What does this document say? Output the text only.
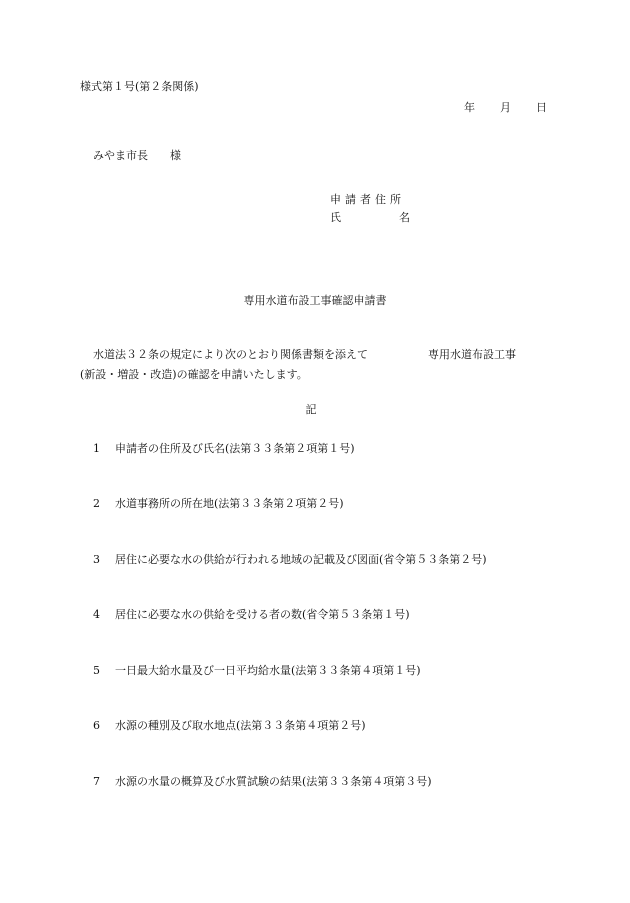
様式第１号(第２条関係)
年 月 日
みやま市長　　様
申請者住所
氏	名
専用水道布設工事確認申請書
水道法３２条の規定により次のとおり関係書類を添えて	専用水道布設工事
(新設・増設・改造)の確認を申請いたします。
記
1 申請者の住所及び氏名(法第３３条第２項第１号)
2 水道事務所の所在地(法第３３条第２項第２号)
3 居住に必要な水の供給が行われる地域の記載及び図面(省令第５３条第２号)
4 居住に必要な水の供給を受ける者の数(省令第５３条第１号)
5 一日最大給水量及び一日平均給水量(法第３３条第４項第１号)
6 水源の種別及び取水地点(法第３３条第４項第２号)
7 水源の水量の概算及び水質試験の結果(法第３３条第４項第３号)
